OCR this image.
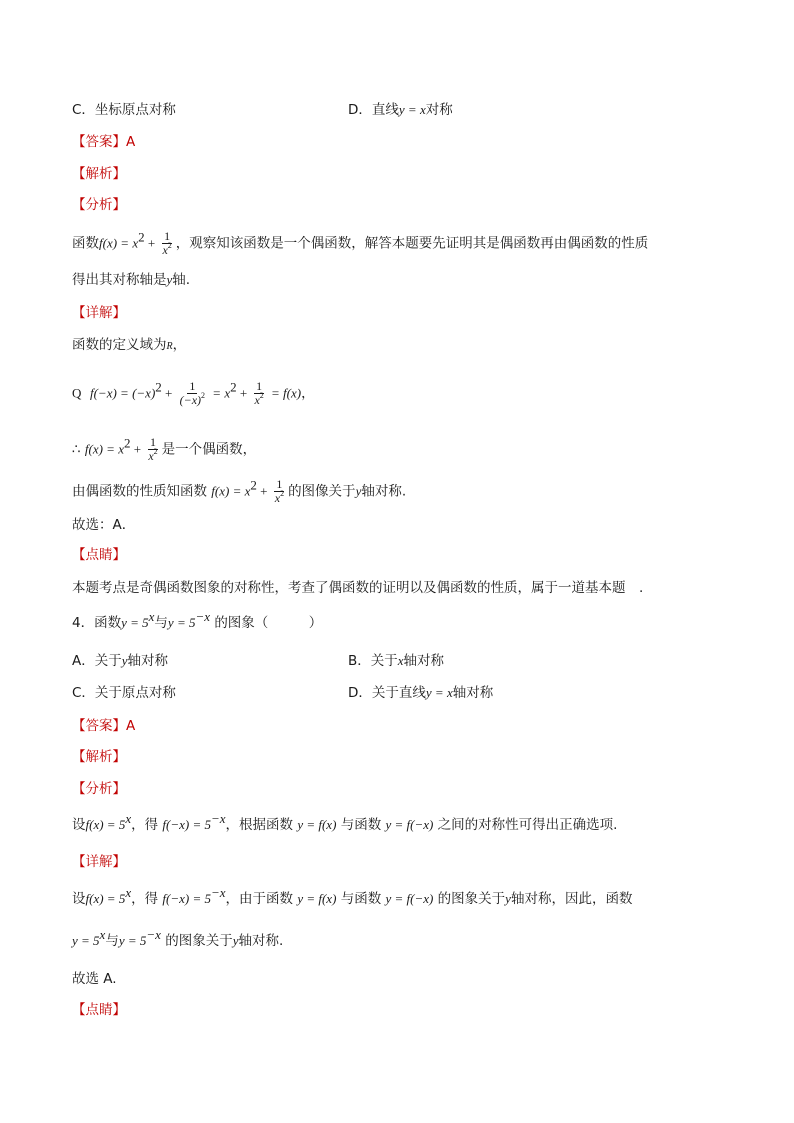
C．坐标原点对称	D．直线y = x对称
【答案】A
【解析】
【分析】
函数$f(x) = x^2 + \frac{1}{x^2}$ ，观察知该函数是一个偶函数，解答本题要先证明其是偶函数再由偶函数的性质
得出其对称轴是y轴.
【详解】
函数的定义域为R，
Q $f(-x) = (-x)^2 + \frac{1}{(-x)^2} = x^2 + \frac{1}{x^2} = f(x)$，
∴ $f(x) = x^2 + \frac{1}{x^2}$ 是一个偶函数，
由偶函数的性质知函数 $f(x) = x^2 + \frac{1}{x^2}$ 的图像关于y轴对称.
故选：A．
【点睛】
本题考点是奇偶函数图象的对称性，考查了偶函数的证明以及偶函数的性质，属于一道基本题　.
4．函数$y = 5^x$与$y = 5^{-x}$ 的图象（　　　）
A．关于y轴对称	B．关于x轴对称
C．关于原点对称	D．关于直线y = x轴对称
【答案】A
【解析】
【分析】
设$f(x) = 5^x$，得 $f(-x) = 5^{-x}$，根据函数 y = f(x) 与函数 y = f(−x) 之间的对称性可得出正确选项.
【详解】
设$f(x) = 5^x$，得 $f(-x) = 5^{-x}$，由于函数 y = f(x) 与函数 y = f(−x) 的图象关于y轴对称，因此，函数
$y = 5^x$与$y = 5^{-x}$ 的图象关于y轴对称.
故选 A.
【点睛】
